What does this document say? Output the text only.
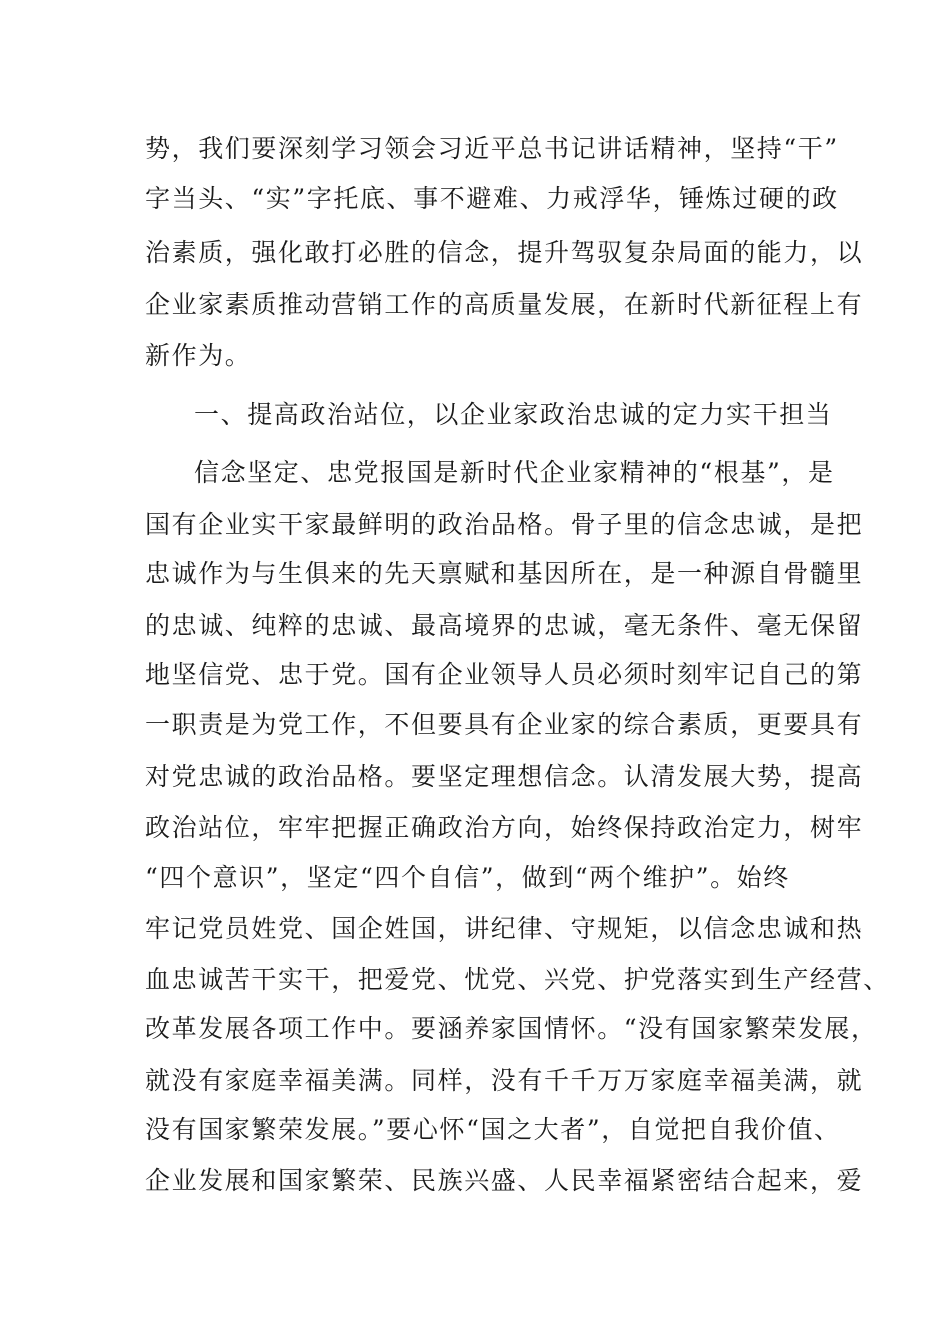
势，我们要深刻学习领会习近平总书记讲话精神，坚持“干”
字当头、“实”字托底、事不避难、力戒浮华，锤炼过硬的政
治素质，强化敢打必胜的信念，提升驾驭复杂局面的能力，以
企业家素质推动营销工作的高质量发展，在新时代新征程上有
新作为。
一、提高政治站位，以企业家政治忠诚的定力实干担当
信念坚定、忠党报国是新时代企业家精神的“根基”，是
国有企业实干家最鲜明的政治品格。骨子里的信念忠诚，是把
忠诚作为与生俱来的先天禀赋和基因所在，是一种源自骨髓里
的忠诚、纯粹的忠诚、最高境界的忠诚，毫无条件、毫无保留
地坚信党、忠于党。国有企业领导人员必须时刻牢记自己的第
一职责是为党工作，不但要具有企业家的综合素质，更要具有
对党忠诚的政治品格。要坚定理想信念。认清发展大势，提高
政治站位，牢牢把握正确政治方向，始终保持政治定力，树牢
“四个意识”，坚定“四个自信”，做到“两个维护”。始终
牢记党员姓党、国企姓国，讲纪律、守规矩，以信念忠诚和热
血忠诚苦干实干，把爱党、忧党、兴党、护党落实到生产经营、
改革发展各项工作中。要涵养家国情怀。“没有国家繁荣发展，
就没有家庭幸福美满。同样，没有千千万万家庭幸福美满，就
没有国家繁荣发展。”要心怀“国之大者”，自觉把自我价值、
企业发展和国家繁荣、民族兴盛、人民幸福紧密结合起来，爱
